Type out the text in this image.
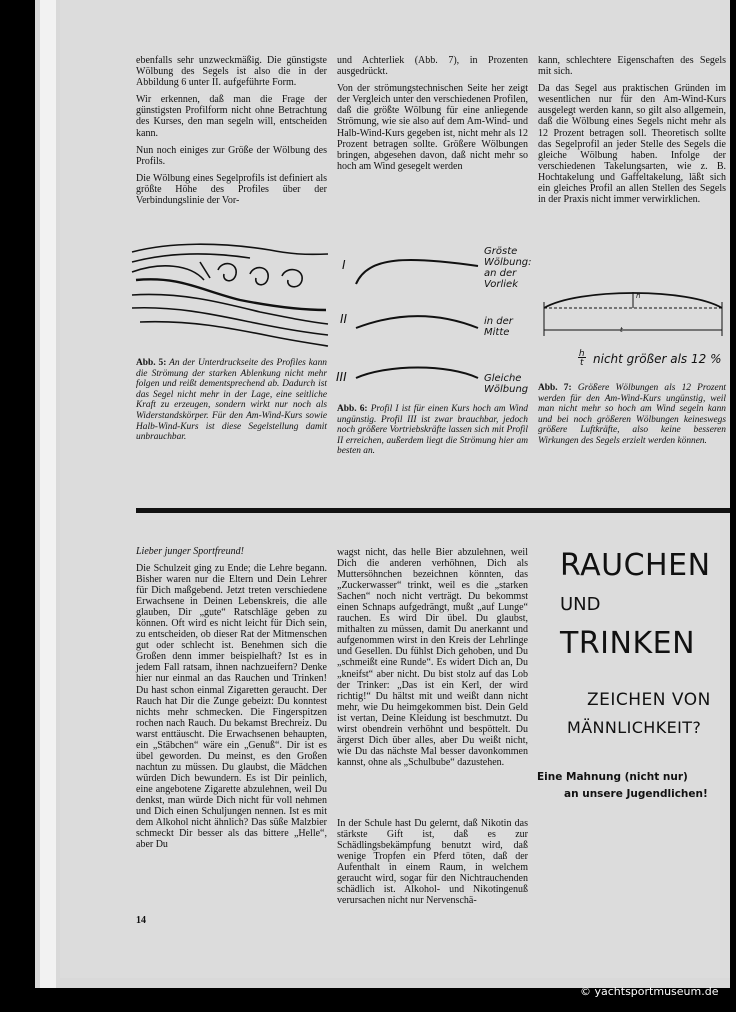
ebenfalls sehr unzweckmäßig. Die günstigste Wölbung des Segels ist also die in der Abbildung 6 unter II. aufgeführte Form.

Wir erkennen, daß man die Frage der günstigsten Profilform nicht ohne Betrachtung des Kurses, den man segeln will, entscheiden kann.

Nun noch einiges zur Größe der Wölbung des Profils.

Die Wölbung eines Segelprofils ist definiert als größte Höhe des Profiles über der Verbindungslinie der Vor-

und Achterliek (Abb. 7), in Prozenten ausgedrückt.

Von der strömungstechnischen Seite her zeigt der Vergleich unter den verschiedenen Profilen, daß die größte Wölbung für eine anliegende Strömung, wie sie also auf dem Am-Wind- und Halb-Wind-Kurs gegeben ist, nicht mehr als 12 Prozent betragen sollte. Größere Wölbungen bringen, abgesehen davon, daß nicht mehr so hoch am Wind gesegelt werden

kann, schlechtere Eigenschaften des Segels mit sich.

Da das Segel aus praktischen Gründen im wesentlichen nur für den Am-Wind-Kurs ausgelegt werden kann, so gilt also allgemein, daß die Wölbung eines Segels nicht mehr als 12 Prozent betragen soll. Theoretisch sollte das Segelprofil an jeder Stelle des Segels die gleiche Wölbung haben. Infolge der verschiedenen Takelungsarten, wie z. B. Hochtakelung und Gaffeltakelung, läßt sich ein gleiches Profil an allen Stellen des Segels in der Praxis nicht immer verwirklichen.

I
II
III
Gröste Wölbung: an der Vorliek
in der Mitte
Gleiche Wölbung
h
t
$\frac{h}{t}$ nicht größer als 12 %
Abb. 5: An der Unterdruckseite des Profiles kann die Strömung der starken Ablenkung nicht mehr folgen und reißt dementsprechend ab. Dadurch ist das Segel nicht mehr in der Lage, eine seitliche Kraft zu erzeugen, sondern wirkt nur noch als Widerstandskörper. Für den Am-Wind-Kurs sowie Halb-Wind-Kurs ist diese Segelstellung damit unbrauchbar.
Abb. 6: Profil I ist für einen Kurs hoch am Wind ungünstig. Profil III ist zwar brauchbar, jedoch noch größere Vortriebskräfte lassen sich mit Profil II erreichen, außerdem liegt die Strömung hier am besten an.
Abb. 7: Größere Wölbungen als 12 Prozent werden für den Am-Wind-Kurs ungünstig, weil man nicht mehr so hoch am Wind segeln kann und bei noch größeren Wölbungen keineswegs größere Luftkräfte, also keine besseren Wirkungen des Segels erzielt werden können.
Lieber junger Sportfreund!
Die Schulzeit ging zu Ende; die Lehre begann. Bisher waren nur die Eltern und Dein Lehrer für Dich maßgebend. Jetzt treten verschiedene Erwachsene in Deinen Lebenskreis, die alle glauben, Dir „gute“ Ratschläge geben zu können. Oft wird es nicht leicht für Dich sein, zu entscheiden, ob dieser Rat der Mitmenschen gut oder schlecht ist. Benehmen sich die Großen denn immer beispielhaft? Ist es in jedem Fall ratsam, ihnen nachzueifern? Denke hier nur einmal an das Rauchen und Trinken! Du hast schon einmal Zigaretten geraucht. Der Rauch hat Dir die Zunge gebeizt: Du konntest nichts mehr schmecken. Die Fingerspitzen rochen nach Rauch. Du bekamst Brechreiz. Du warst enttäuscht. Die Erwachsenen behaupten, ein „Stäbchen“ wäre ein „Genuß“. Dir ist es übel geworden. Du meinst, es den Großen nachtun zu müssen. Du glaubst, die Mädchen würden Dich bewundern. Es ist Dir peinlich, eine angebotene Zigarette abzulehnen, weil Du denkst, man würde Dich nicht für voll nehmen und Dich einen Schuljungen nennen. Ist es mit dem Alkohol nicht ähnlich? Das süße Malzbier schmeckt Dir besser als das bittere „Helle“, aber Du
wagst nicht, das helle Bier abzulehnen, weil Dich die anderen verhöhnen, Dich als Muttersöhnchen bezeichnen könnten, das „Zuckerwasser“ trinkt, weil es die „starken Sachen“ noch nicht verträgt. Du bekommst einen Schnaps aufgedrängt, mußt „auf Lunge“ rauchen. Es wird Dir übel. Du glaubst, mithalten zu müssen, damit Du anerkannt und aufgenommen wirst in den Kreis der Lehrlinge und Gesellen. Du fühlst Dich gehoben, und Du „schmeißt eine Runde“. Es widert Dich an, Du „kneifst“ aber nicht. Du bist stolz auf das Lob der Trinker: „Das ist ein Kerl, der wird richtig!“ Du hältst mit und weißt dann nicht mehr, wie Du heimgekommen bist. Dein Geld ist vertan, Deine Kleidung ist beschmutzt. Du wirst obendrein verhöhnt und bespöttelt. Du ärgerst Dich über alles, aber Du weißt nicht, wie Du das nächste Mal besser davonkommen kannst, ohne als „Schulbube“ dazustehen.
In der Schule hast Du gelernt, daß Nikotin das stärkste Gift ist, daß es zur Schädlingsbekämpfung benutzt wird, daß wenige Tropfen ein Pferd töten, daß der Aufenthalt in einem Raum, in welchem geraucht wird, sogar für den Nichtrauchenden schädlich ist. Alkohol- und Nikotingenuß verursachen nicht nur Nervenschä-
RAUCHEN
UND
TRINKEN
ZEICHEN VON
MÄNNLICHKEIT?
Eine Mahnung (nicht nur)
an unsere Jugendlichen!
14
© yachtsportmuseum.de
